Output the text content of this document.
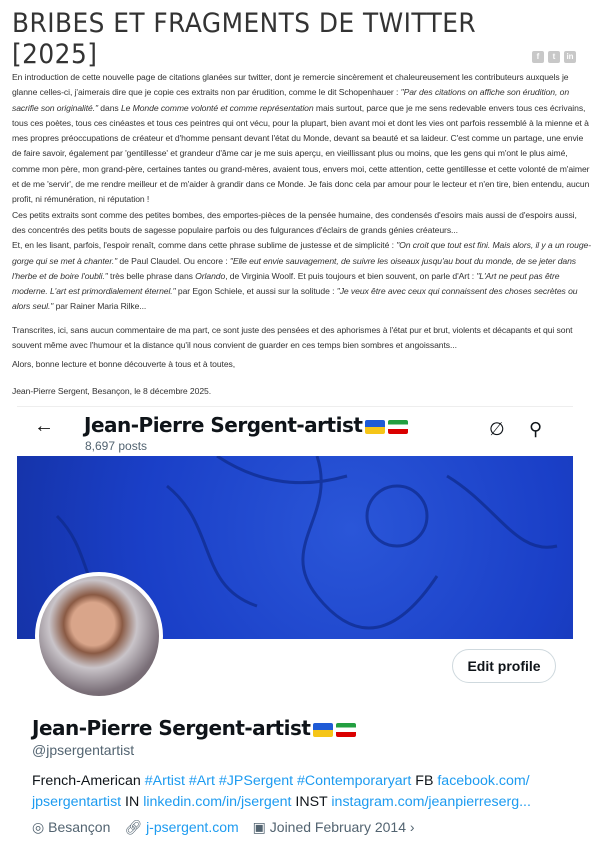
BRIBES ET FRAGMENTS DE TWITTER [2025]	f	t	in

En introduction de cette nouvelle page de citations glanées sur twitter, dont je remercie sincèrement et chaleureusement les contributeurs auxquels je glanne celles-ci, j'aimerais dire que je copie ces extraits non par érudition, comme le dit Schopenhauer : "Par des citations on affiche son érudition, on sacrifie son originalité." dans Le Monde comme volonté et comme représentation mais surtout, parce que je me sens redevable envers tous ces écrivains, tous ces poètes, tous ces cinéastes et tous ces peintres qui ont vécu, pour la plupart, bien avant moi et dont les vies ont parfois ressemblé à la mienne et à mes propres préoccupations de créateur et d'homme pensant devant l'état du Monde, devant sa beauté et sa laideur. C'est comme un partage, une envie de faire savoir, également par 'gentillesse' et grandeur d'âme car je me suis aperçu, en vieillissant plus ou moins, que les gens qui m'ont le plus aimé, comme mon père, mon grand-père, certaines tantes ou grand-mères, avaient tous, envers moi, cette attention, cette gentillesse et cette volonté de m'aimer et de me 'servir', de me rendre meilleur et de m'aider à grandir dans ce Monde. Je fais donc cela par amour pour le lecteur et n'en tire, bien entendu, aucun profit, ni rémunération, ni réputation !

Ces petits extraits sont comme des petites bombes, des emportes-pièces de la pensée humaine, des condensés d'esoirs mais aussi de d'espoirs aussi, des concentrés des petits bouts de sagesse populaire parfois ou des fulgurances d'éclairs de grands génies créateurs...

Et, en les lisant, parfois, l'espoir renaît, comme dans cette phrase sublime de justesse et de simplicité : "On croit que tout est fini. Mais alors, il y a un rouge-gorge qui se met à chanter." de Paul Claudel. Ou encore : "Elle eut envie sauvagement, de suivre les oiseaux jusqu'au bout du monde, de se jeter dans l'herbe et de boire l'oubli." très belle phrase dans Orlando, de Virginia Woolf. Et puis toujours et bien souvent, on parle d'Art : "L'Art ne peut pas être moderne. L'art est primordialement éternel." par Egon Schiele, et aussi sur la solitude : "Je veux être avec ceux qui connaissent des choses secrètes ou alors seul." par Rainer Maria Rilke...

Transcrites, ici, sans aucun commentaire de ma part, ce sont juste des pensées et des aphorismes à l'état pur et brut, violents et décapants et qui sont souvent même avec l'humour et la distance qu'il nous convient de guarder en ces temps bien sombres et angoissants...

Alors, bonne lecture et bonne découverte à tous et à toutes,

Jean-Pierre Sergent, Besançon, le 8 décembre 2025.

← Jean-Pierre Sergent-artist
8,697 posts
∅ ⚲
Edit profile
Jean-Pierre Sergent-artist
@jpsergentartist
French-American #Artist #Art #JPSergent #Contemporaryart FB facebook.com/ jpsergentartist IN linkedin.com/in/jsergent INST instagram.com/jeanpierreserg...
◎ Besançon 🔗︎ j-psergent.com ▣ Joined February 2014 ›
